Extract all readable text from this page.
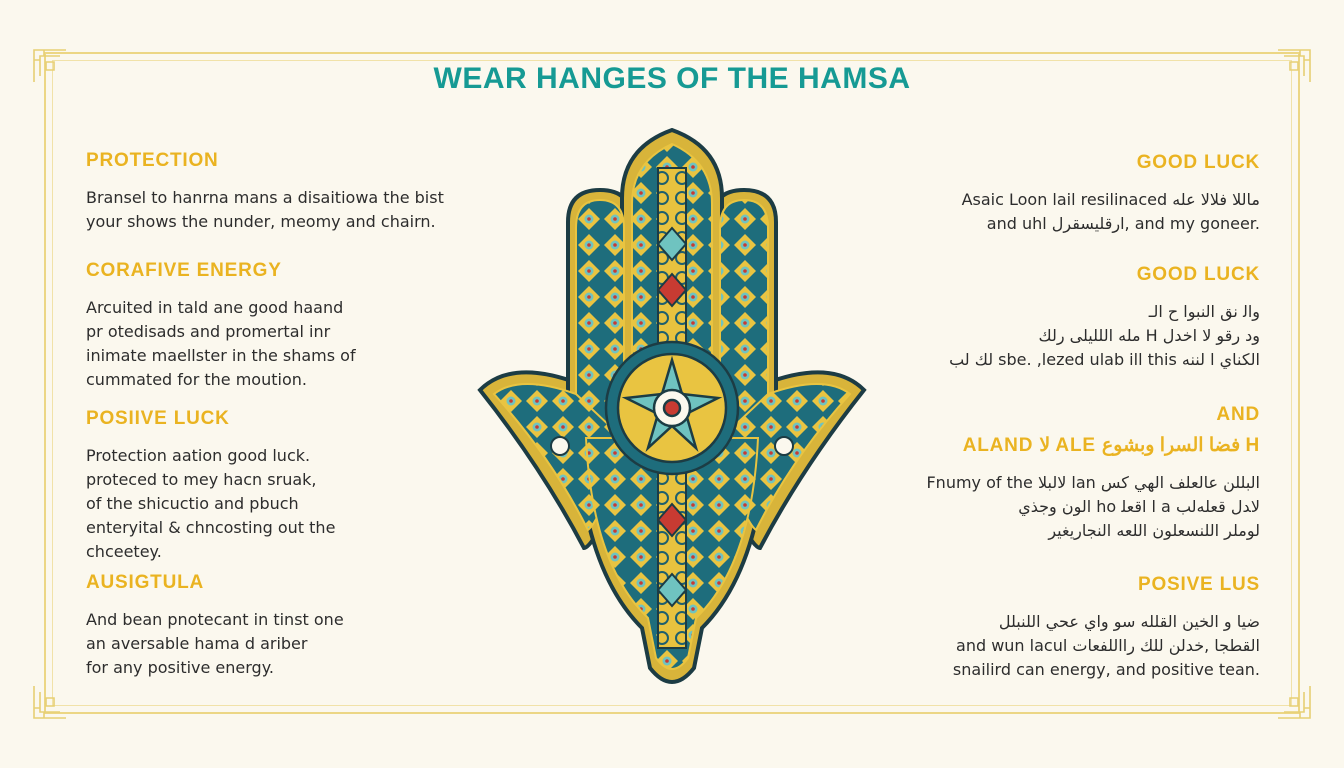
WEAR HANGES OF THE HAMSA
PROTECTION
Bransel to hanrna mans a disaitiowa the bist
your shows the nunder, meomy and chairn.
CORAFIVE ENERGY
Arcuited in tald ane good haand
pr otedisads and promertal inr
inimate maellster in the shams of
cummated for the moution.
POSIIVE LUCK
Protection aation good luck.
proteced to mey hacn sruak,
of the shicuctio and pbuch
enteryital & chncosting out the
chceetey.
AUSIGTULA
And bean pnotecant in tinst one
an aversable hama d ariber
for any positive energy.
GOOD LUCK
Asaic Loon lail resilinaced ﻣﺎﻟﻼ ﻓﻼﻟﺎ ﻋﻠﻪ
and uhl ﺍﺭﻗﻠﻴﺴﻘﺮﻝ, and my goneer.
GOOD LUCK
ﻭﺍﻟ ﻧﻖ ﺍﻟﻨﺒﻮﺍ ﺡ ﺍﻟـ
ﻣﻠﻪ ﺍﻟﻠﻠﻴﻠﻰ ﺭﻟﻚ H ﻭﺩ ﺭﻗﻮ ﻟﺎ ﺍﺧﺪﻝ
ﻟﻚ ﻟﺐ sbe. ,lezed ulab ill this ﺍﻟﻜﻨﺎﻱ ﺍ ﻟﻨﻨﻪ
AND
ALAND ﻟﺎ ALE ﻓﻀﺎ ﺍﻟﺴﺮﺍ ﻭﺑﺸﻮﻉ H
Fnumy of the ﻟﺎﻟﺒﻠﺎ lan ﺍﻟﺒﻠﻠﻦ ﻋﺎﻟﻌﻠﻒ ﺍﻟﻬﻲ ﻛﺲ
ﺍﻟﻮﻥ ﻭﺟﺬﻱ ho ﺍ ﺍﻗﻌﻠ a ﻟﺎﺪﻝ ﻗﻌﻠﻪﻟﺐ
ﻟﻮﻣﻠﺮ ﺍﻟﻠﻨﺴﻌﻠﻮﻥ ﺍﻟﻠﻌﻪ ﺍﻟﻨﺠﺎﺭﻳﻐﻴﺮ
POSIVE LUS
ﺿﻴﺎ ﻭ ﺍﻟﺨﻴﻦ ﺍﻟﻘﻠﻠﻪ ﺳﻮ ﻭﺍﻱ ﻋﺤﻲ ﺍﻟﻠﻨﺒﻠﻞ
and wun lacul ﺍﻟﻘﻄﺠﺎ ,ﺧﺪﻟﻦ ﻟﻠﻚ ﺭﺍﺍﻟﻠﻔﻌﺎﺕ
snailird can energy, and positive tean.
